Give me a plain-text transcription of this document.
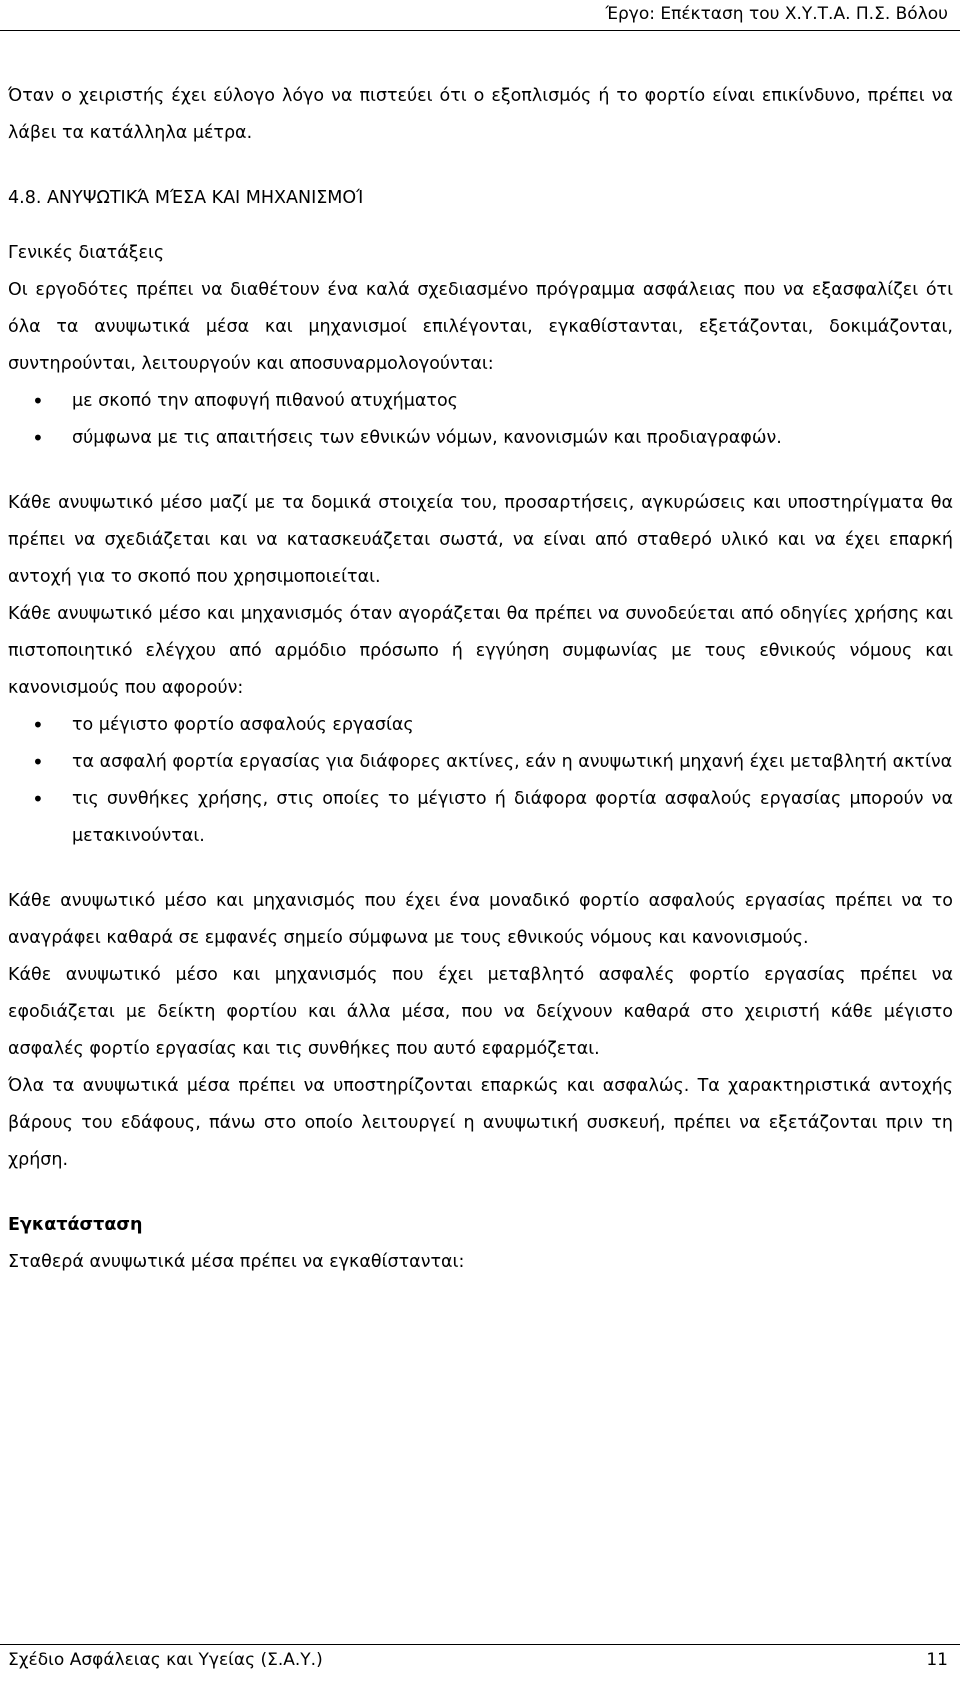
Έργο: Επέκταση του Χ.Υ.Τ.Α. Π.Σ. Βόλου

Όταν ο χειριστής έχει εύλογο λόγο να πιστεύει ότι ο εξοπλισμός ή το φορτίο είναι επικίνδυνο, πρέπει να λάβει τα κατάλληλα μέτρα.

4.8. ΑΝΥΨΩΤΙΚΆ ΜΈΣΑ ΚΑΙ ΜΗΧΑΝΙΣΜΟΊ

Γενικές διατάξεις

Οι εργοδότες πρέπει να διαθέτουν ένα καλά σχεδιασμένο πρόγραμμα ασφάλειας που να εξασφαλίζει ότι όλα τα ανυψωτικά μέσα και μηχανισμοί επιλέγονται, εγκαθίστανται, εξετάζονται, δοκιμάζονται, συντηρούνται, λειτουργούν και αποσυναρμολογούνται:

• με σκοπό την αποφυγή πιθανού ατυχήματος
• σύμφωνα με τις απαιτήσεις των εθνικών νόμων, κανονισμών και προδιαγραφών.

Κάθε ανυψωτικό μέσο μαζί με τα δομικά στοιχεία του, προσαρτήσεις, αγκυρώσεις και υποστηρίγματα θα πρέπει να σχεδιάζεται και να κατασκευάζεται σωστά, να είναι από σταθερό υλικό και να έχει επαρκή αντοχή για το σκοπό που χρησιμοποιείται.

Κάθε ανυψωτικό μέσο και μηχανισμός όταν αγοράζεται θα πρέπει να συνοδεύεται από οδηγίες χρήσης και πιστοποιητικό ελέγχου από αρμόδιο πρόσωπο ή εγγύηση συμφωνίας με τους εθνικούς νόμους και κανονισμούς που αφορούν:

• το μέγιστο φορτίο ασφαλούς εργασίας
• τα ασφαλή φορτία εργασίας για διάφορες ακτίνες, εάν η ανυψωτική μηχανή έχει μεταβλητή ακτίνα
• τις συνθήκες χρήσης, στις οποίες το μέγιστο ή διάφορα φορτία ασφαλούς εργασίας μπορούν να μετακινούνται.

Κάθε ανυψωτικό μέσο και μηχανισμός που έχει ένα μοναδικό φορτίο ασφαλούς εργασίας πρέπει να το αναγράφει καθαρά σε εμφανές σημείο σύμφωνα με τους εθνικούς νόμους και κανονισμούς.

Κάθε ανυψωτικό μέσο και μηχανισμός που έχει μεταβλητό ασφαλές φορτίο εργασίας πρέπει να εφοδιάζεται με δείκτη φορτίου και άλλα μέσα, που να δείχνουν καθαρά στο χειριστή κάθε μέγιστο ασφαλές φορτίο εργασίας και τις συνθήκες που αυτό εφαρμόζεται.

Όλα τα ανυψωτικά μέσα πρέπει να υποστηρίζονται επαρκώς και ασφαλώς. Τα χαρακτηριστικά αντοχής βάρους του εδάφους, πάνω στο οποίο λειτουργεί η ανυψωτική συσκευή, πρέπει να εξετάζονται πριν τη χρήση.

Εγκατάσταση

Σταθερά ανυψωτικά μέσα πρέπει να εγκαθίστανται:

Σχέδιο Ασφάλειας και Υγείας (Σ.Α.Υ.)	11
